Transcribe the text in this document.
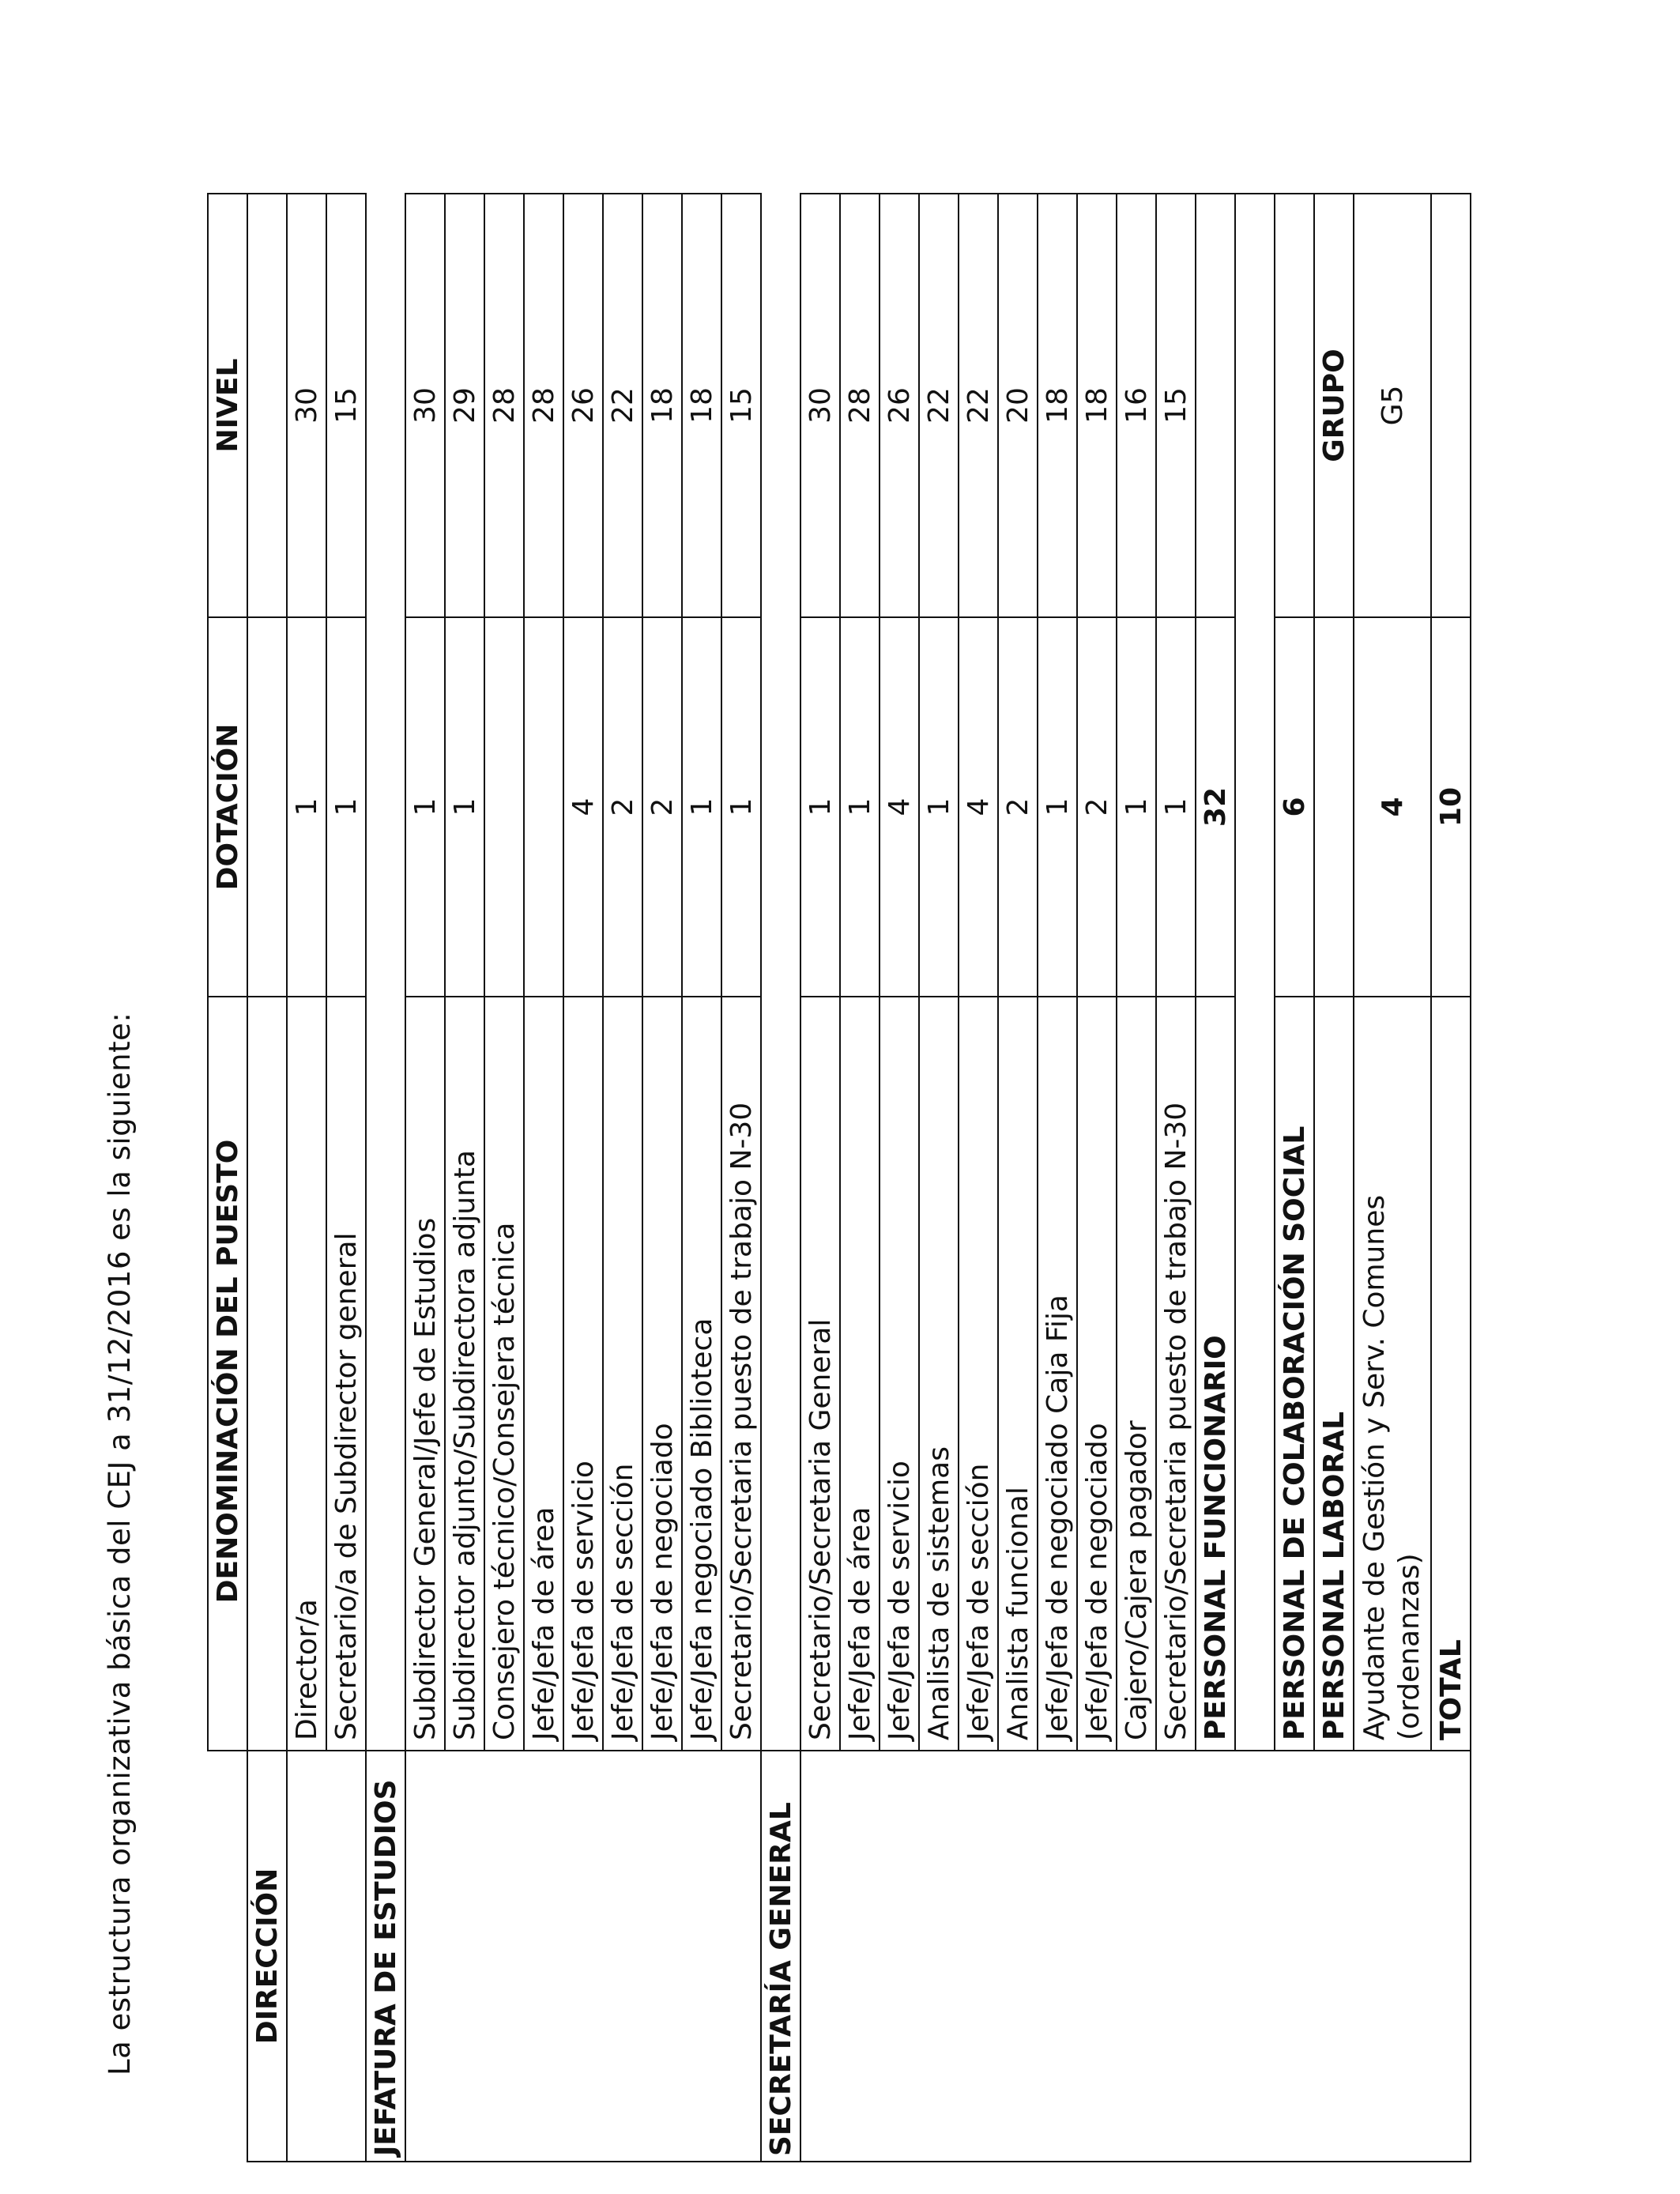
La estructura organizativa básica del CEJ a 31/12/2016 es la siguiente:
		DENOMINACIÓN DEL PUESTO	DOTACIÓN	NIVEL
DIRECCIÓN			
	Director/a	1	30
	Secretario/a de Subdirector general	1	15
JEFATURA DE ESTUDIOS			
	Subdirector General/Jefe de Estudios	1	30
	Subdirector adjunto/Subdirectora adjunta	1	29
	Consejero técnico/Consejera técnica		28
	Jefe/Jefa de área		28
	Jefe/Jefa de servicio	4	26
	Jefe/Jefa de sección	2	22
	Jefe/Jefa de negociado	2	18
	Jefe/Jefa negociado Biblioteca	1	18
	Secretario/Secretaria puesto de trabajo N-30	1	15
SECRETARÍA GENERAL			
	Secretario/Secretaria General	1	30
	Jefe/Jefa de área	1	28
	Jefe/Jefa de servicio	4	26
	Analista de sistemas	1	22
	Jefe/Jefa de sección	4	22
	Analista funcional	2	20
	Jefe/Jefa de negociado Caja Fija	1	18
	Jefe/Jefa de negociado	2	18
	Cajero/Cajera pagador	1	16
	Secretario/Secretaria puesto de trabajo N-30	1	15
	PERSONAL FUNCIONARIO	32	

	PERSONAL DE COLABORACIÓN SOCIAL	6	
	PERSONAL LABORAL		GRUPO
	Ayudante de Gestión y Serv. Comunes (ordenanzas)	4	G5
	TOTAL	10	
